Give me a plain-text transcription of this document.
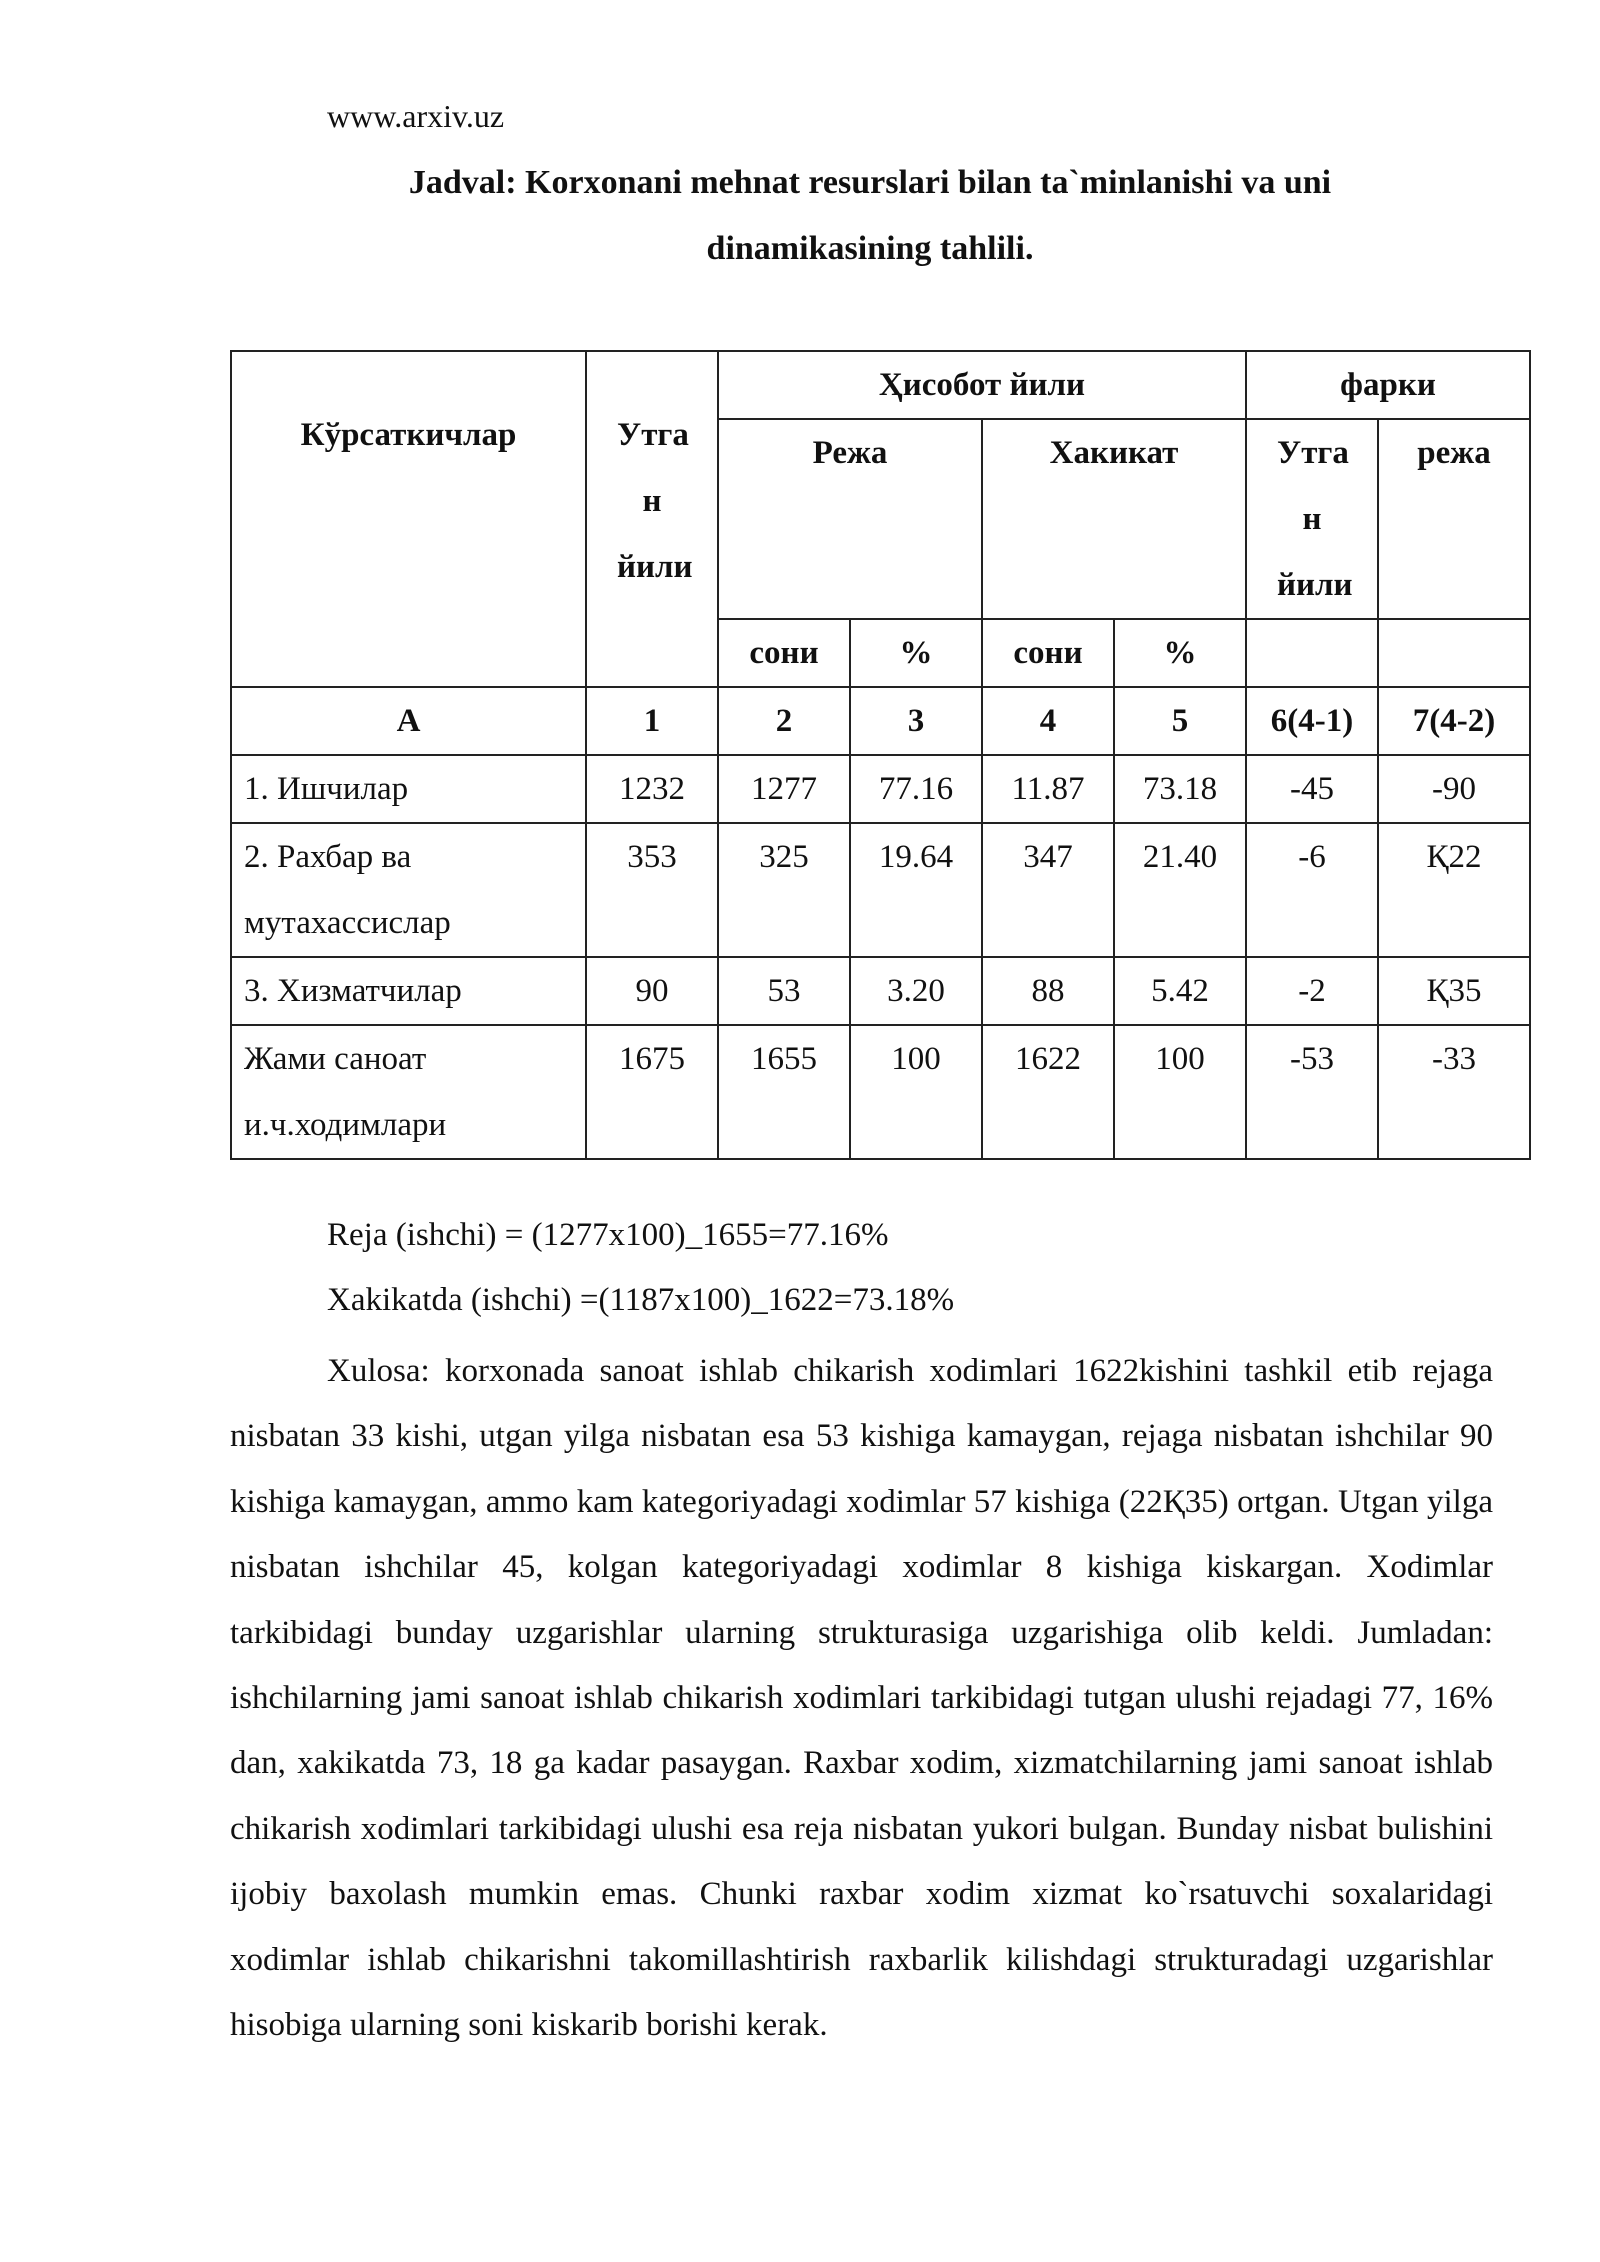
www.arxiv.uz
Jadval: Korxonani mehnat resurslari bilan ta`minlanishi va uni
dinamikasining tahlili.
Кўрсаткичлар	Утга н йили	Ҳисобот йили				фарки	
		Режа		Хакикат		Утга н йили	режа
		сони	%	сони	%		
А	1	2	3	4	5	6(4-1)	7(4-2)
1. Ишчилар	1232	1277	77.16	11.87	73.18	-45	-90
2. Рахбар ва мутахассислар	353	325	19.64	347	21.40	-6	Қ22
3. Хизматчилар	90	53	3.20	88	5.42	-2	Қ35
Жами саноат и.ч.ходимлари	1675	1655	100	1622	100	-53	-33
Reja (ishchi) = (1277x100)_1655=77.16%
Xakikatda (ishchi) =(1187x100)_1622=73.18%
Xulosa: korxonada sanoat ishlab chikarish xodimlari 1622kishini tashkil etib rejaga nisbatan 33 kishi, utgan yilga nisbatan esa 53 kishiga kamaygan, rejaga nisbatan ishchilar 90 kishiga kamaygan, ammo kam kategoriyadagi xodimlar 57 kishiga (22Қ35) ortgan. Utgan yilga nisbatan ishchilar 45, kolgan kategoriyadagi xodimlar 8 kishiga kiskargan. Xodimlar tarkibidagi bunday uzgarishlar ularning strukturasiga uzgarishiga olib keldi. Jumladan: ishchilarning jami sanoat ishlab chikarish xodimlari tarkibidagi tutgan ulushi rejadagi 77, 16% dan, xakikatda 73, 18 ga kadar pasaygan. Raxbar xodim, xizmatchilarning jami sanoat ishlab chikarish xodimlari tarkibidagi ulushi esa reja nisbatan yukori bulgan. Bunday nisbat bulishini ijobiy baxolash mumkin emas. Chunki raxbar xodim xizmat ko`rsatuvchi soxalaridagi xodimlar ishlab chikarishni takomillashtirish raxbarlik kilishdagi strukturadagi uzgarishlar hisobiga ularning soni kiskarib borishi kerak.
